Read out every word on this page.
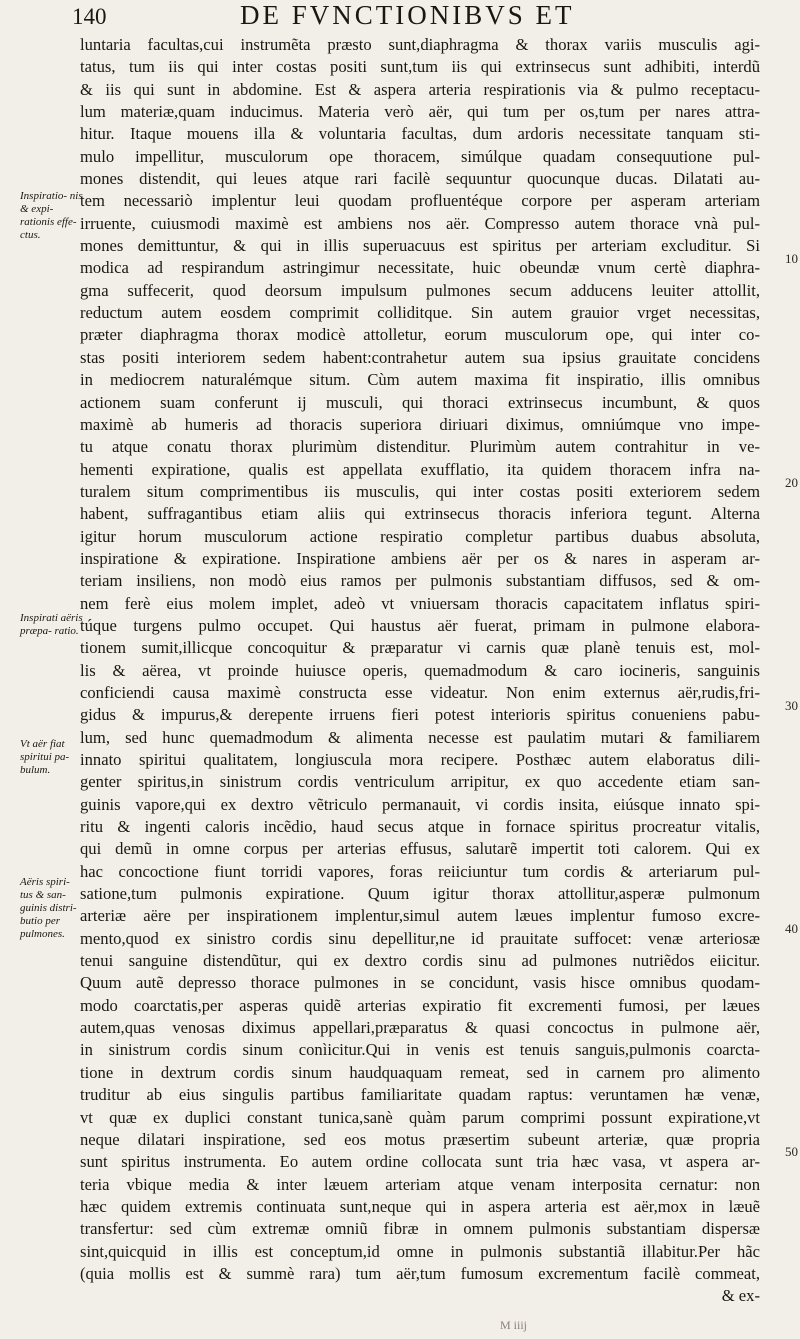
140	DE FVNCTIONIBVS ET
luntaria facultas,cui instrumẽta præsto sunt,diaphragma & thorax variis musculis agi-
tatus, tum iis qui inter costas positi sunt,tum iis qui extrinsecus sunt adhibiti, interdũ
& iis qui sunt in abdomine. Est & aspera arteria respirationis via & pulmo receptacu-
lum materiæ,quam inducimus. Materia verò aër, qui tum per os,tum per nares attra-
hitur. Itaque mouens illa & voluntaria facultas, dum ardoris necessitate tanquam sti-
mulo impellitur, musculorum ope thoracem, simúlque quadam consequutione pul-
mones distendit, qui leues atque rari facilè sequuntur quocunque ducas. Dilatati au-
tem necessariò implentur leui quodam profluentéque corpore per asperam arteriam
irruente, cuiusmodi maximè est ambiens nos aër. Compresso autem thorace vnà pul-
mones demittuntur, & qui in illis superuacuus est spiritus per arteriam excluditur. Si
modica ad respirandum astringimur necessitate, huic obeundæ vnum certè diaphra-
gma suffecerit, quod deorsum impulsum pulmones secum adducens leuiter attollit,
reductum autem eosdem comprimit colliditque. Sin autem grauior vrget necessitas,
præter diaphragma thorax modicè attolletur, eorum musculorum ope, qui inter co-
stas positi interiorem sedem habent:contrahetur autem sua ipsius grauitate concidens
in mediocrem naturalémque situm. Cùm autem maxima fit inspiratio, illis omnibus
actionem suam conferunt ij musculi, qui thoraci extrinsecus incumbunt, & quos
maximè ab humeris ad thoracis superiora diriuari diximus, omniúmque vno impe-
tu atque conatu thorax plurimùm distenditur. Plurimùm autem contrahitur in ve-
hementi expiratione, qualis est appellata exufflatio, ita quidem thoracem infra na-
turalem situm comprimentibus iis musculis, qui inter costas positi exteriorem sedem
habent, suffragantibus etiam aliis qui extrinsecus thoracis inferiora tegunt. Alterna
igitur horum musculorum actione respiratio completur partibus duabus absoluta,
inspiratione & expiratione. Inspiratione ambiens aër per os & nares in asperam ar-
teriam insiliens, non modò eius ramos per pulmonis substantiam diffusos, sed & om-
nem ferè eius molem implet, adeò vt vniuersam thoracis capacitatem inflatus spiri-
túque turgens pulmo occupet. Qui haustus aër fuerat, primam in pulmone elabora-
tionem sumit,illicque concoquitur & præparatur vi carnis quæ planè tenuis est, mol-
lis & aërea, vt proinde huiusce operis, quemadmodum & caro iocineris, sanguinis
conficiendi causa maximè constructa esse videatur. Non enim externus aër,rudis,fri-
gidus & impurus,& derepente irruens fieri potest interioris spiritus conueniens pabu-
lum, sed hunc quemadmodum & alimenta necesse est paulatim mutari & familiarem
innato spiritui qualitatem, longiuscula mora recipere. Posthæc autem elaboratus dili-
genter spiritus,in sinistrum cordis ventriculum arripitur, ex quo accedente etiam san-
guinis vapore,qui ex dextro vẽtriculo permanauit, vi cordis insita, eiúsque innato spi-
ritu & ingenti caloris incẽdio, haud secus atque in fornace spiritus procreatur vitalis,
qui demũ in omne corpus per arterias effusus, salutarẽ impertit toti calorem. Qui ex
hac concoctione fiunt torridi vapores, foras reiiciuntur tum cordis & arteriarum pul-
satione,tum pulmonis expiratione. Quum igitur thorax attollitur,asperæ pulmonum
arteriæ aëre per inspirationem implentur,simul autem læues implentur fumoso excre-
mento,quod ex sinistro cordis sinu depellitur,ne id prauitate suffocet: venæ arteriosæ
tenui sanguine distendũtur, qui ex dextro cordis sinu ad pulmones nutriẽdos eiicitur.
Quum autẽ depresso thorace pulmones in se concidunt, vasis hisce omnibus quodam-
modo coarctatis,per asperas quidẽ arterias expiratio fit excrementi fumosi, per læues
autem,quas venosas diximus appellari,præparatus & quasi concoctus in pulmone aër,
in sinistrum cordis sinum conìicitur.Qui in venis est tenuis sanguis,pulmonis coarcta-
tione in dextrum cordis sinum haudquaquam remeat, sed in carnem pro alimento
truditur ab eius singulis partibus familiaritate quadam raptus: veruntamen hæ venæ,
vt quæ ex duplici constant tunica,sanè quàm parum comprimi possunt expiratione,vt
neque dilatari inspiratione, sed eos motus præsertim subeunt arteriæ, quæ propria
sunt spiritus instrumenta. Eo autem ordine collocata sunt tria hæc vasa, vt aspera ar-
teria vbique media & inter læuem arteriam atque venam interposita cernatur: non
hæc quidem extremis continuata sunt,neque qui in aspera arteria est aër,mox in læuẽ
transfertur: sed cùm extremæ omniũ fibræ in omnem pulmonis substantiam dispersæ
sint,quicquid in illis est conceptum,id omne in pulmonis substantiã illabitur.Per hãc
(quia mollis est & summè rara) tum aër,tum fumosum excrementum facilè commeat,
& ex-
Inspiratio- nis & expi- rationis effe- ctus.
Inspirati aëris præpa- ratio.
Vt aër fiat spiritui pa- bulum.
Aëris spiri- tus & san- guinis distri- butio per pulmones.
10
20
30
40
50
M iiij
